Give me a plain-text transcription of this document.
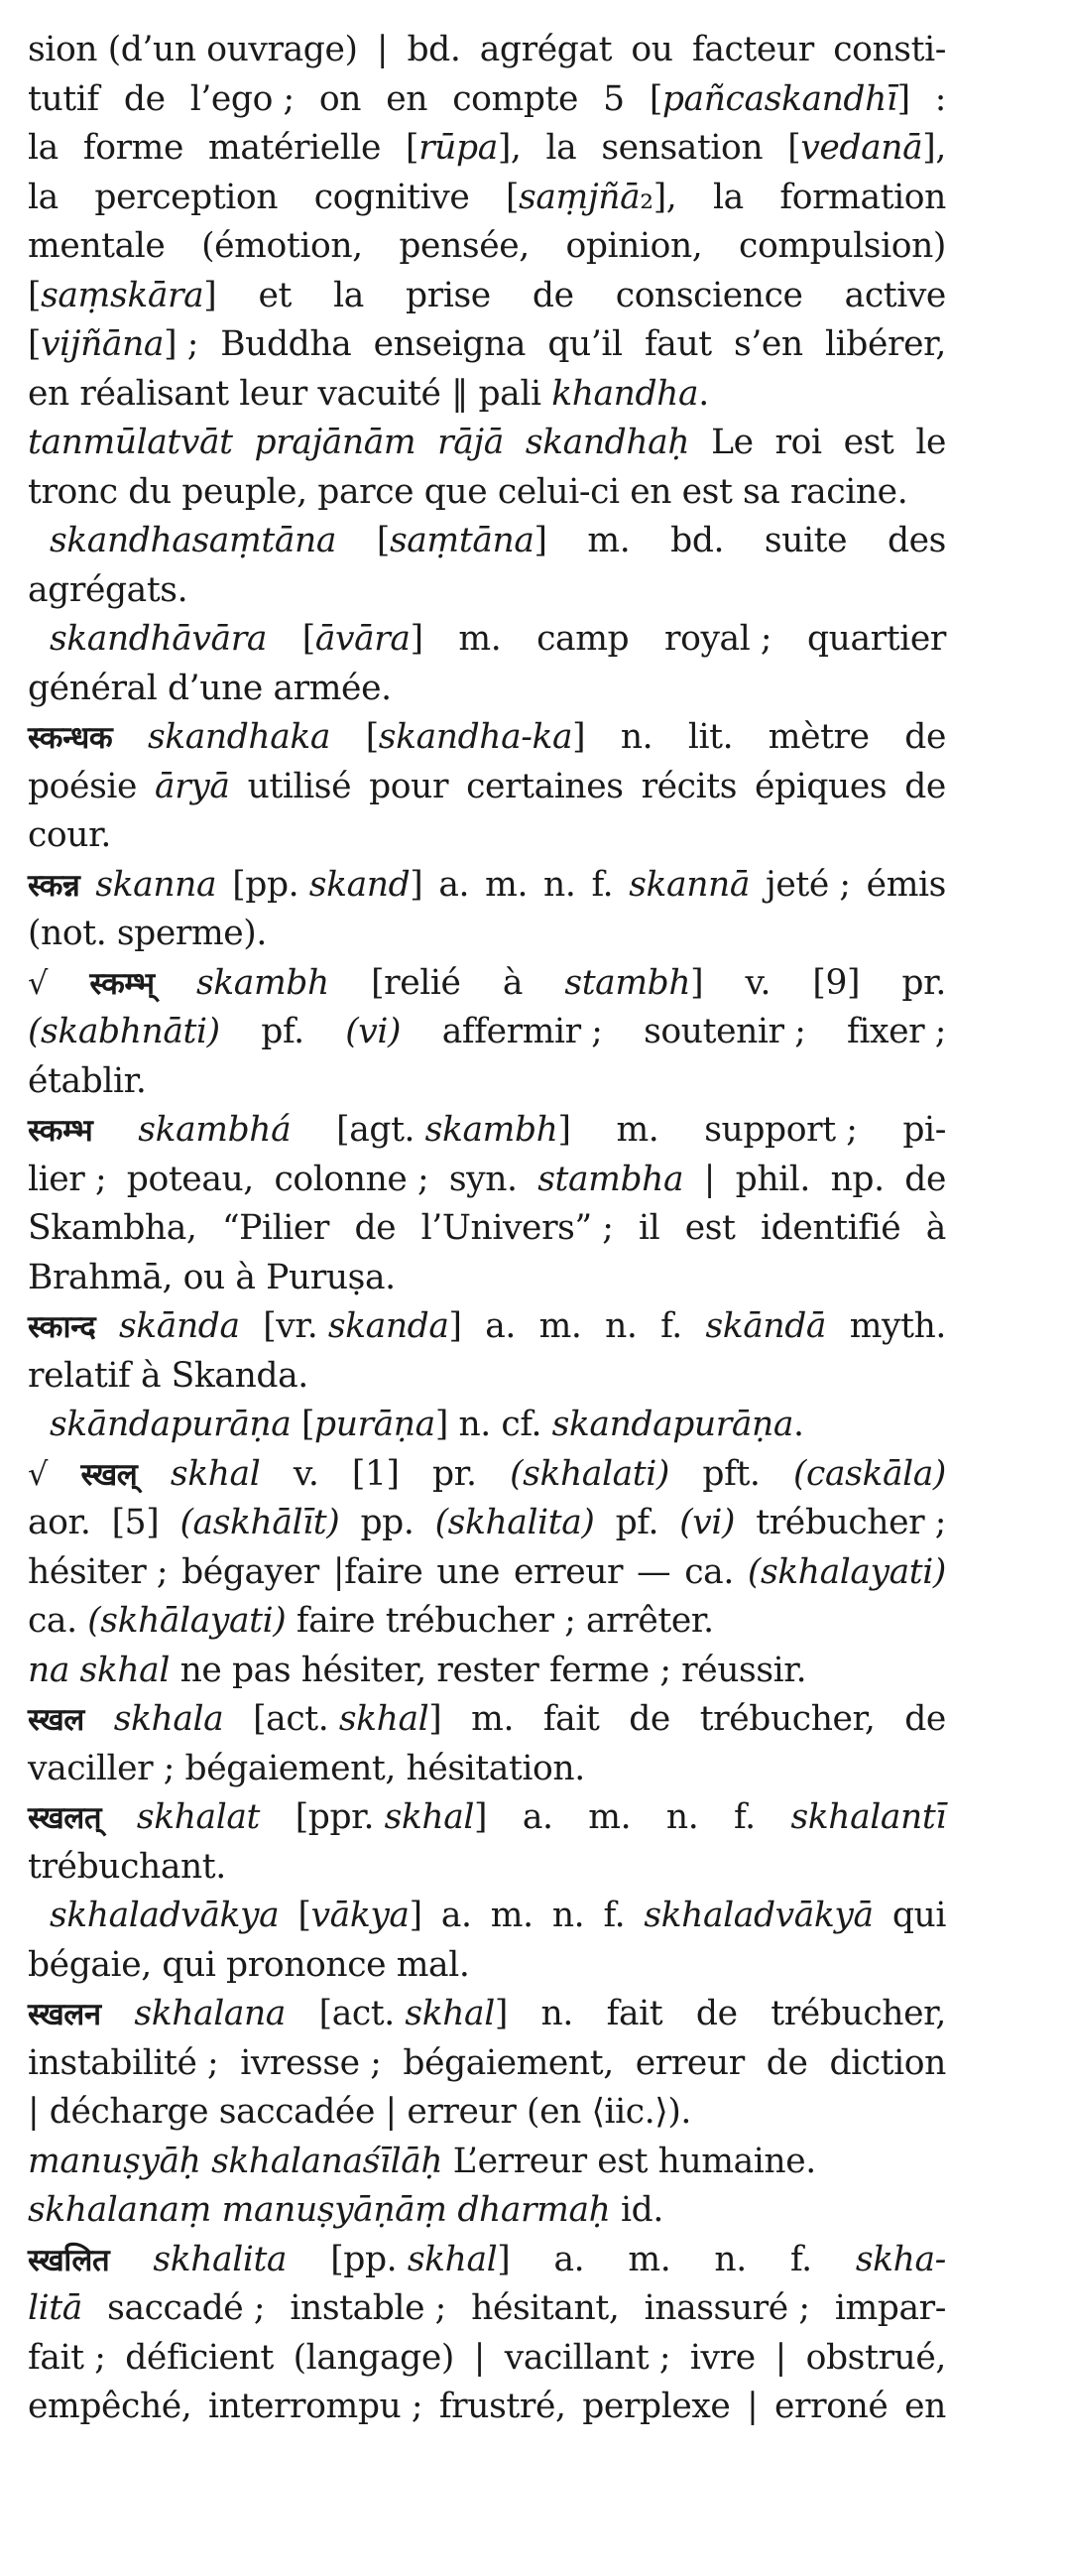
sion (d’un ouvrage) | bd. agrégat ou facteur consti-
tutif de l’ego ; on en compte 5 [pañcaskandhī] :
la forme matérielle [rūpa], la sensation [vedanā],
la perception cognitive [saṃjñā₂], la formation
mentale (émotion, pensée, opinion, compulsion)
[saṃskāra] et la prise de conscience active
[vijñāna] ; Buddha enseigna qu’il faut s’en libérer,
en réalisant leur vacuité ‖ pali khandha.
tanmūlatvāt prajānām rājā skandhaḥ Le roi est le
tronc du peuple, parce que celui-ci en est sa racine.
skandhasaṃtāna [saṃtāna] m. bd. suite des
agrégats.
skandhāvāra [āvāra] m. camp royal ; quartier
général d’une armée.
स्कन्धक skandhaka [skandha-ka] n. lit. mètre de
poésie āryā utilisé pour certaines récits épiques de
cour.
स्कन्न skanna [pp. skand] a. m. n. f. skannā jeté ; émis
(not. sperme).
√ स्कम्भ् skambh [relié à stambh] v. [9] pr.
(skabhnāti) pf. (vi) affermir ; soutenir ; fixer ;
établir.
स्कम्भ skambhá [agt. skambh] m. support ; pi-
lier ; poteau, colonne ; syn. stambha | phil. np. de
Skambha, “Pilier de l’Univers” ; il est identifié à
Brahmā, ou à Puruṣa.
स्कान्द skānda [vr. skanda] a. m. n. f. skāndā myth.
relatif à Skanda.
skāndapurāṇa [purāṇa] n. cf. skandapurāṇa.
√ स्खल् skhal v. [1] pr. (skhalati) pft. (caskāla)
aor. [5] (askhālīt) pp. (skhalita) pf. (vi) trébucher ;
hésiter ; bégayer |faire une erreur — ca. (skhalayati)
ca. (skhālayati) faire trébucher ; arrêter.
na skhal ne pas hésiter, rester ferme ; réussir.
स्खल skhala [act. skhal] m. fait de trébucher, de
vaciller ; bégaiement, hésitation.
स्खलत् skhalat [ppr. skhal] a. m. n. f. skhalantī
trébuchant.
skhaladvākya [vākya] a. m. n. f. skhaladvākyā qui
bégaie, qui prononce mal.
स्खलन skhalana [act. skhal] n. fait de trébucher,
instabilité ; ivresse ; bégaiement, erreur de diction
| décharge saccadée | erreur (en ⟨iic.⟩).
manuṣyāḥ skhalanaśīlāḥ L’erreur est humaine.
skhalanaṃ manuṣyāṇāṃ dharmaḥ id.
स्खलित skhalita [pp. skhal] a. m. n. f. skha-
litā saccadé ; instable ; hésitant, inassuré ; impar-
fait ; déficient (langage) | vacillant ; ivre | obstrué,
empêché, interrompu ; frustré, perplexe | erroné en
